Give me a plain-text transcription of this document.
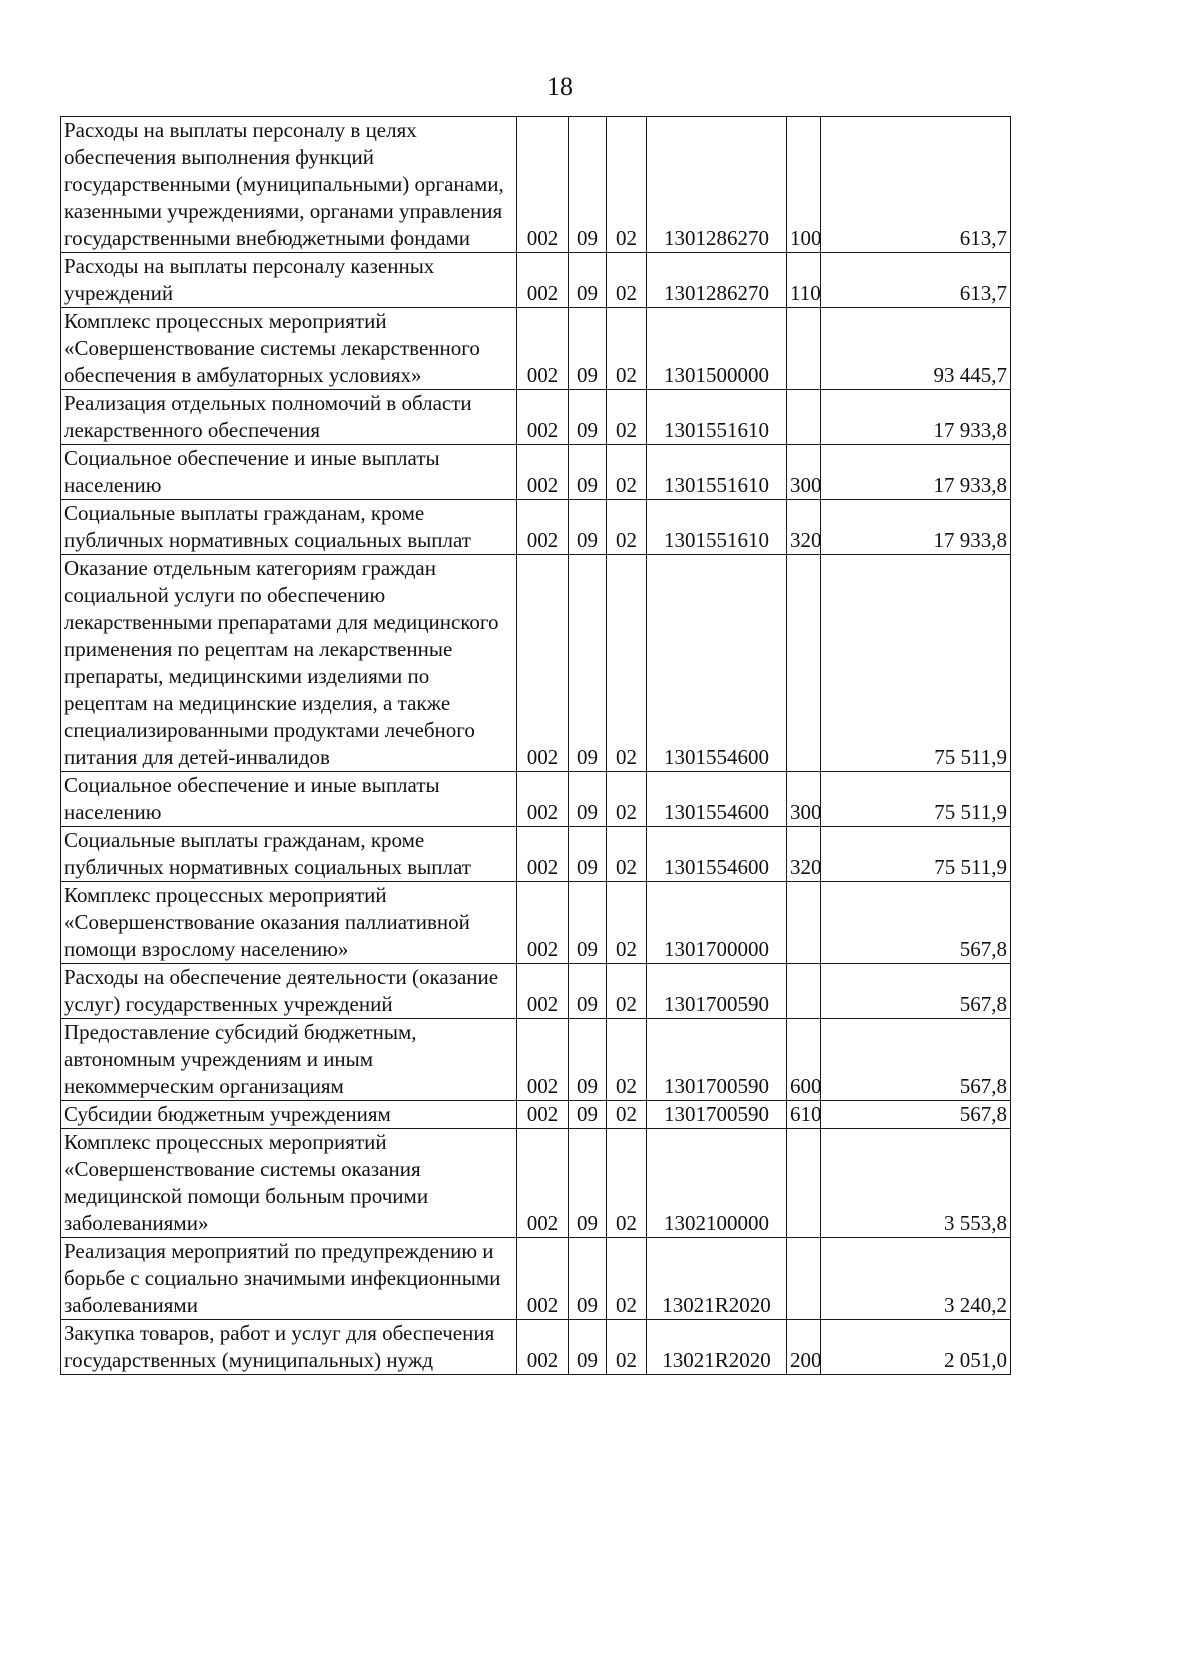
18
Расходы на выплаты персоналу в целях обеспечения выполнения функций государственными (муниципальными) органами, казенными учреждениями, органами управления государственными внебюджетными фондами	002	09	02	1301286270	100	613,7
Расходы на выплаты персоналу казенных учреждений	002	09	02	1301286270	110	613,7
Комплекс процессных мероприятий «Совершенствование системы лекарственного обеспечения в амбулаторных условиях»	002	09	02	1301500000		93 445,7
Реализация отдельных полномочий в области лекарственного обеспечения	002	09	02	1301551610		17 933,8
Социальное обеспечение и иные выплаты населению	002	09	02	1301551610	300	17 933,8
Социальные выплаты гражданам, кроме публичных нормативных социальных выплат	002	09	02	1301551610	320	17 933,8
Оказание отдельным категориям граждан социальной услуги по обеспечению лекарственными препаратами для медицинского применения по рецептам на лекарственные препараты, медицинскими изделиями по рецептам на медицинские изделия, а также специализированными продуктами лечебного питания для детей-инвалидов	002	09	02	1301554600		75 511,9
Социальное обеспечение и иные выплаты населению	002	09	02	1301554600	300	75 511,9
Социальные выплаты гражданам, кроме публичных нормативных социальных выплат	002	09	02	1301554600	320	75 511,9
Комплекс процессных мероприятий «Совершенствование оказания паллиативной помощи взрослому населению»	002	09	02	1301700000		567,8
Расходы на обеспечение деятельности (оказание услуг) государственных учреждений	002	09	02	1301700590		567,8
Предоставление субсидий бюджетным, автономным учреждениям и иным некоммерческим организациям	002	09	02	1301700590	600	567,8
Субсидии бюджетным учреждениям	002	09	02	1301700590	610	567,8
Комплекс процессных мероприятий «Совершенствование системы оказания медицинской помощи больным прочими заболеваниями»	002	09	02	1302100000		3 553,8
Реализация мероприятий по предупреждению и борьбе с социально значимыми инфекционными заболеваниями	002	09	02	13021R2020		3 240,2
Закупка товаров, работ и услуг для обеспечения государственных (муниципальных) нужд	002	09	02	13021R2020	200	2 051,0
